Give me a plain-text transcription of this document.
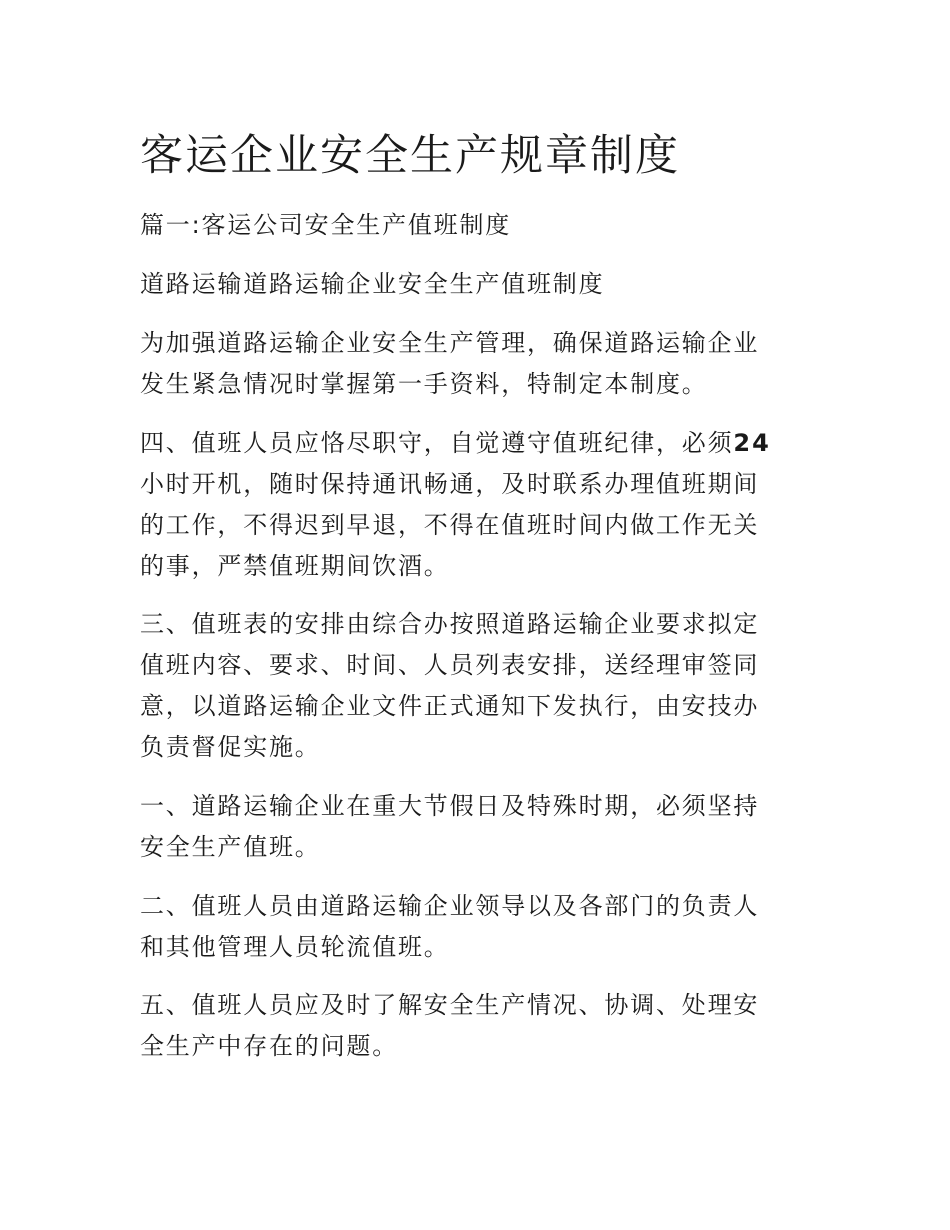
客运企业安全生产规章制度

篇一:客运公司安全生产值班制度

道路运输道路运输企业安全生产值班制度

为加强道路运输企业安全生产管理，确保道路运输企业
发生紧急情况时掌握第一手资料，特制定本制度。

四、值班人员应恪尽职守，自觉遵守值班纪律，必须24
小时开机，随时保持通讯畅通，及时联系办理值班期间
的工作，不得迟到早退，不得在值班时间内做工作无关
的事，严禁值班期间饮酒。

三、值班表的安排由综合办按照道路运输企业要求拟定
值班内容、要求、时间、人员列表安排，送经理审签同
意，以道路运输企业文件正式通知下发执行，由安技办
负责督促实施。

一、道路运输企业在重大节假日及特殊时期，必须坚持
安全生产值班。

二、值班人员由道路运输企业领导以及各部门的负责人
和其他管理人员轮流值班。

五、值班人员应及时了解安全生产情况、协调、处理安
全生产中存在的问题。
